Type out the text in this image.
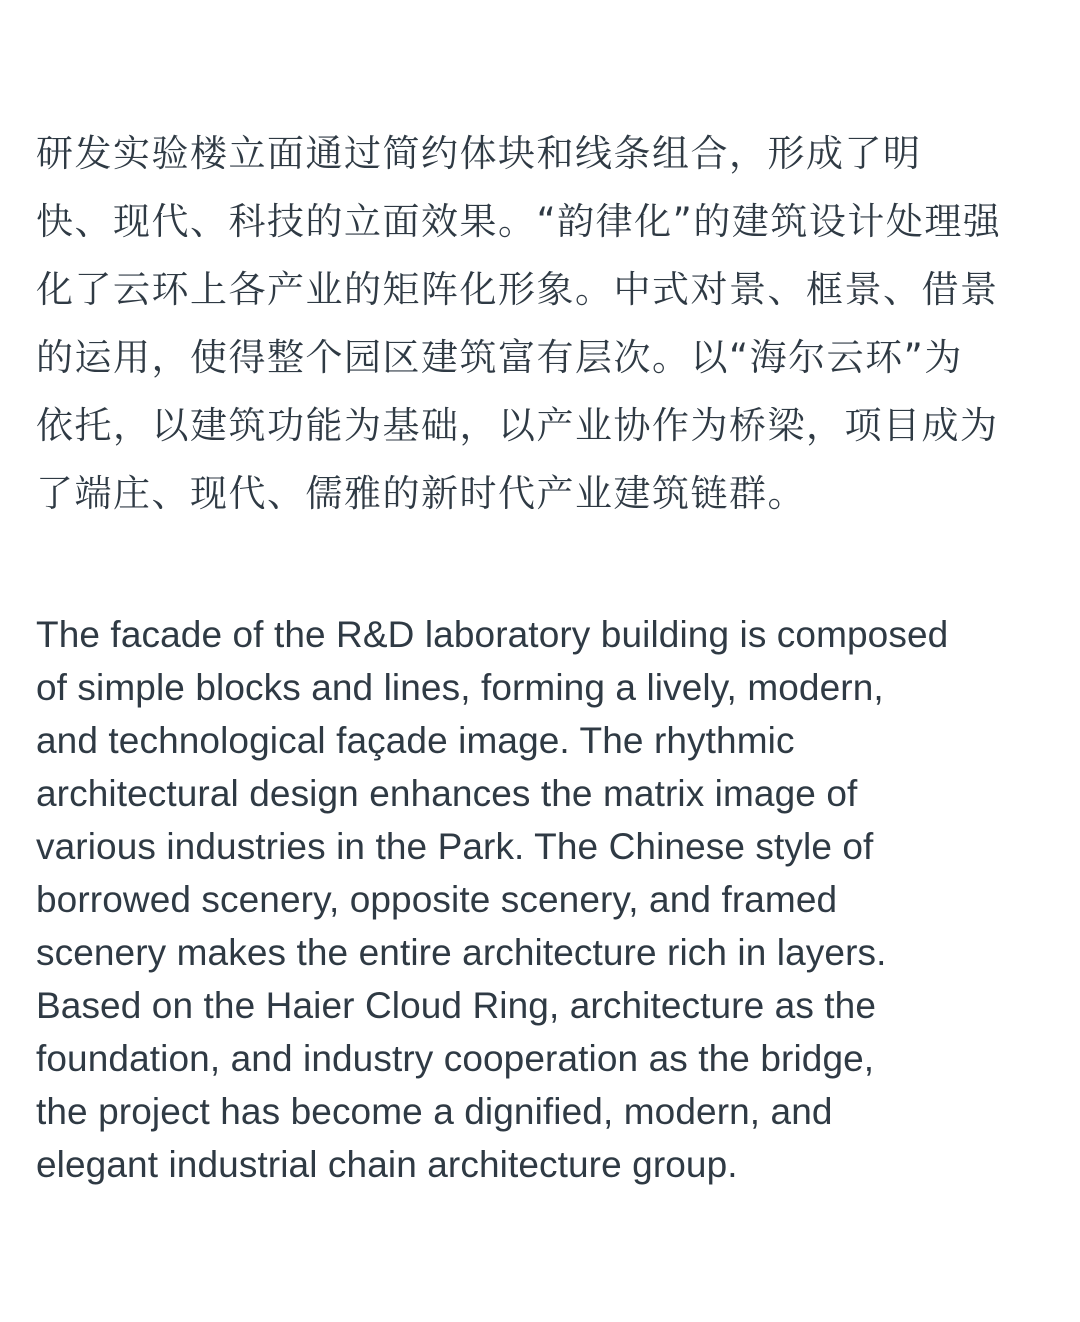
研发实验楼立面通过简约体块和线条组合，形成了明
快、现代、科技的立面效果。“韵律化”的建筑设计处理强
化了云环上各产业的矩阵化形象。中式对景、框景、借景
的运用，使得整个园区建筑富有层次。以“海尔云环”为
依托，以建筑功能为基础，以产业协作为桥梁，项目成为
了端庄、现代、儒雅的新时代产业建筑链群。
The facade of the R&D laboratory building is composed
of simple blocks and lines, forming a lively, modern,
and technological façade image. The rhythmic
architectural design enhances the matrix image of
various industries in the Park. The Chinese style of
borrowed scenery, opposite scenery, and framed
scenery makes the entire architecture rich in layers.
Based on the Haier Cloud Ring, architecture as the
foundation, and industry cooperation as the bridge,
the project has become a dignified, modern, and
elegant industrial chain architecture group.
